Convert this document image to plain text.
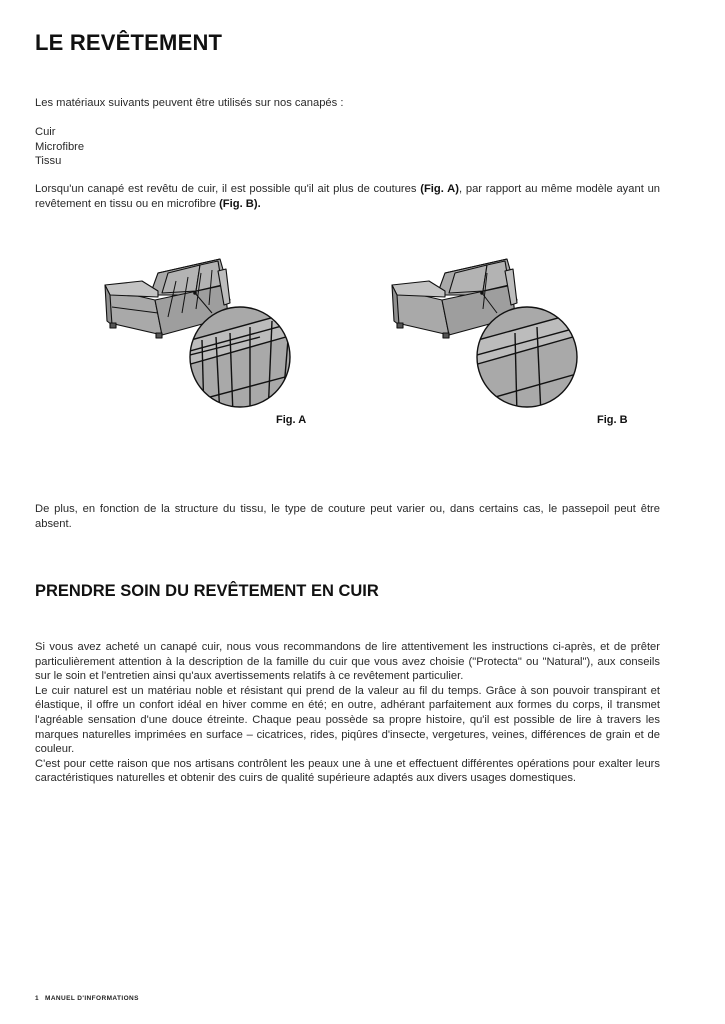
LE REVÊTEMENT
Les matériaux suivants peuvent être utilisés sur nos canapés :
Cuir
Microfibre
Tissu
Lorsqu'un canapé est revêtu de cuir, il est possible qu'il ait plus de coutures (Fig. A), par rapport au même modèle ayant un revêtement en tissu ou en microfibre (Fig. B).
Fig. A	Fig. B
De plus, en fonction de la structure du tissu, le type de couture peut varier ou, dans certains cas, le passepoil peut être absent.
PRENDRE SOIN DU REVÊTEMENT EN CUIR
Si vous avez acheté un canapé cuir, nous vous recommandons de lire attentivement les instructions ci-après, et de prêter particulièrement attention à la description de la famille du cuir que vous avez choisie ("Protecta" ou "Natural"), aux conseils sur le soin et l'entretien ainsi qu'aux avertissements relatifs à ce revêtement particulier.
Le cuir naturel est un matériau noble et résistant qui prend de la valeur au fil du temps. Grâce à son pouvoir transpirant et élastique, il offre un confort idéal en hiver comme en été; en outre, adhérant parfaitement aux formes du corps, il transmet l'agréable sensation d'une douce étreinte. Chaque peau possède sa propre histoire, qu'il est possible de lire à travers les marques naturelles imprimées en surface – cicatrices, rides, piqûres d'insecte, vergetures, veines, différences de grain et de couleur.
C'est pour cette raison que nos artisans contrôlent les peaux une à une et effectuent différentes opérations pour exalter leurs caractéristiques naturelles et obtenir des cuirs de qualité supérieure adaptés aux divers usages domestiques.
1 MANUEL D'INFORMATIONS
